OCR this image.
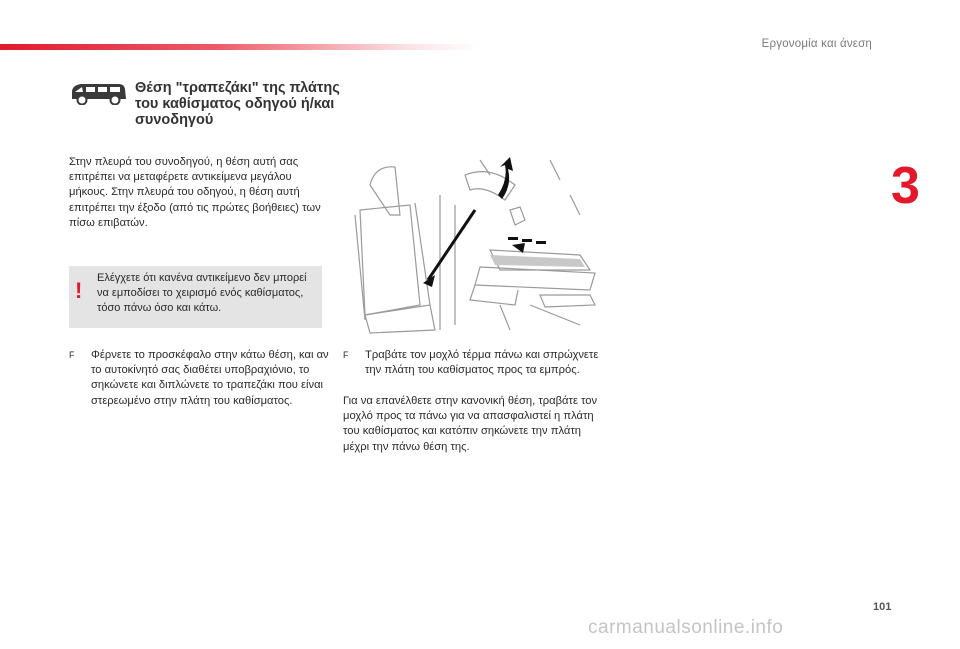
Εργονομία και άνεση
3
Θέση "τραπεζάκι" της πλάτης του καθίσματος οδηγού ή/και συνοδηγού
Στην πλευρά του συνοδηγού, η θέση αυτή σας επιτρέπει να μεταφέρετε αντικείμενα μεγάλου μήκους. Στην πλευρά του οδηγού, η θέση αυτή επιτρέπει την έξοδο (από τις πρώτες βοήθειες) των πίσω επιβατών.
! Ελέγχετε ότι κανένα αντικείμενο δεν μπορεί να εμποδίσει το χειρισμό ενός καθίσματος, τόσο πάνω όσο και κάτω.
F Φέρνετε το προσκέφαλο στην κάτω θέση, και αν το αυτοκίνητό σας διαθέτει υποβραχιόνιο, το σηκώνετε και διπλώνετε το τραπεζάκι που είναι στερεωμένο στην πλάτη του καθίσματος.
F Τραβάτε τον μοχλό τέρμα πάνω και σπρώχνετε την πλάτη του καθίσματος προς τα εμπρός.
Για να επανέλθετε στην κανονική θέση, τραβάτε τον μοχλό προς τα πάνω για να απασφαλιστεί η πλάτη του καθίσματος και κατόπιν σηκώνετε την πλάτη μέχρι την πάνω θέση της.
101
carmanualsonline.info
